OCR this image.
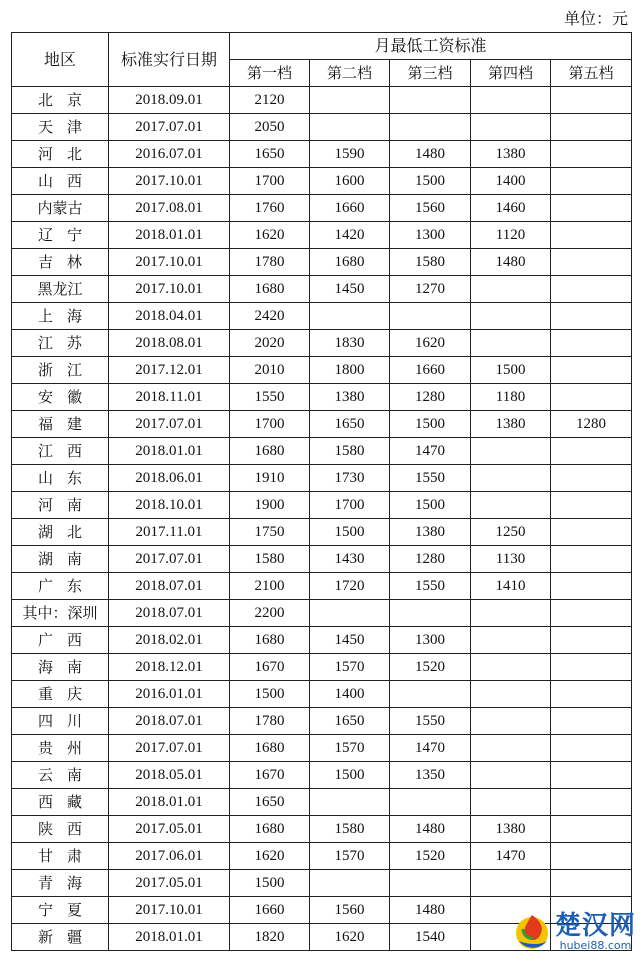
单位：元
地区	标准实行日期	月最低工资标准				
		第一档	第二档	第三档	第四档	第五档
北京	2018.09.01	2120				
天津	2017.07.01	2050				
河北	2016.07.01	1650	1590	1480	1380	
山西	2017.10.01	1700	1600	1500	1400	
内蒙古	2017.08.01	1760	1660	1560	1460	
辽宁	2018.01.01	1620	1420	1300	1120	
吉林	2017.10.01	1780	1680	1580	1480	
黑龙江	2017.10.01	1680	1450	1270		
上海	2018.04.01	2420				
江苏	2018.08.01	2020	1830	1620		
浙江	2017.12.01	2010	1800	1660	1500	
安徽	2018.11.01	1550	1380	1280	1180	
福建	2017.07.01	1700	1650	1500	1380	1280
江西	2018.01.01	1680	1580	1470		
山东	2018.06.01	1910	1730	1550		
河南	2018.10.01	1900	1700	1500		
湖北	2017.11.01	1750	1500	1380	1250	
湖南	2017.07.01	1580	1430	1280	1130	
广东	2018.07.01	2100	1720	1550	1410	
其中：深圳	2018.07.01	2200				
广西	2018.02.01	1680	1450	1300		
海南	2018.12.01	1670	1570	1520		
重庆	2016.01.01	1500	1400			
四川	2018.07.01	1780	1650	1550		
贵州	2017.07.01	1680	1570	1470		
云南	2018.05.01	1670	1500	1350		
西藏	2018.01.01	1650				
陕西	2017.05.01	1680	1580	1480	1380	
甘肃	2017.06.01	1620	1570	1520	1470	
青海	2017.05.01	1500				
宁夏	2017.10.01	1660	1560	1480		
新疆	2018.01.01	1820	1620	1540			楚汉网
hubei88.com
